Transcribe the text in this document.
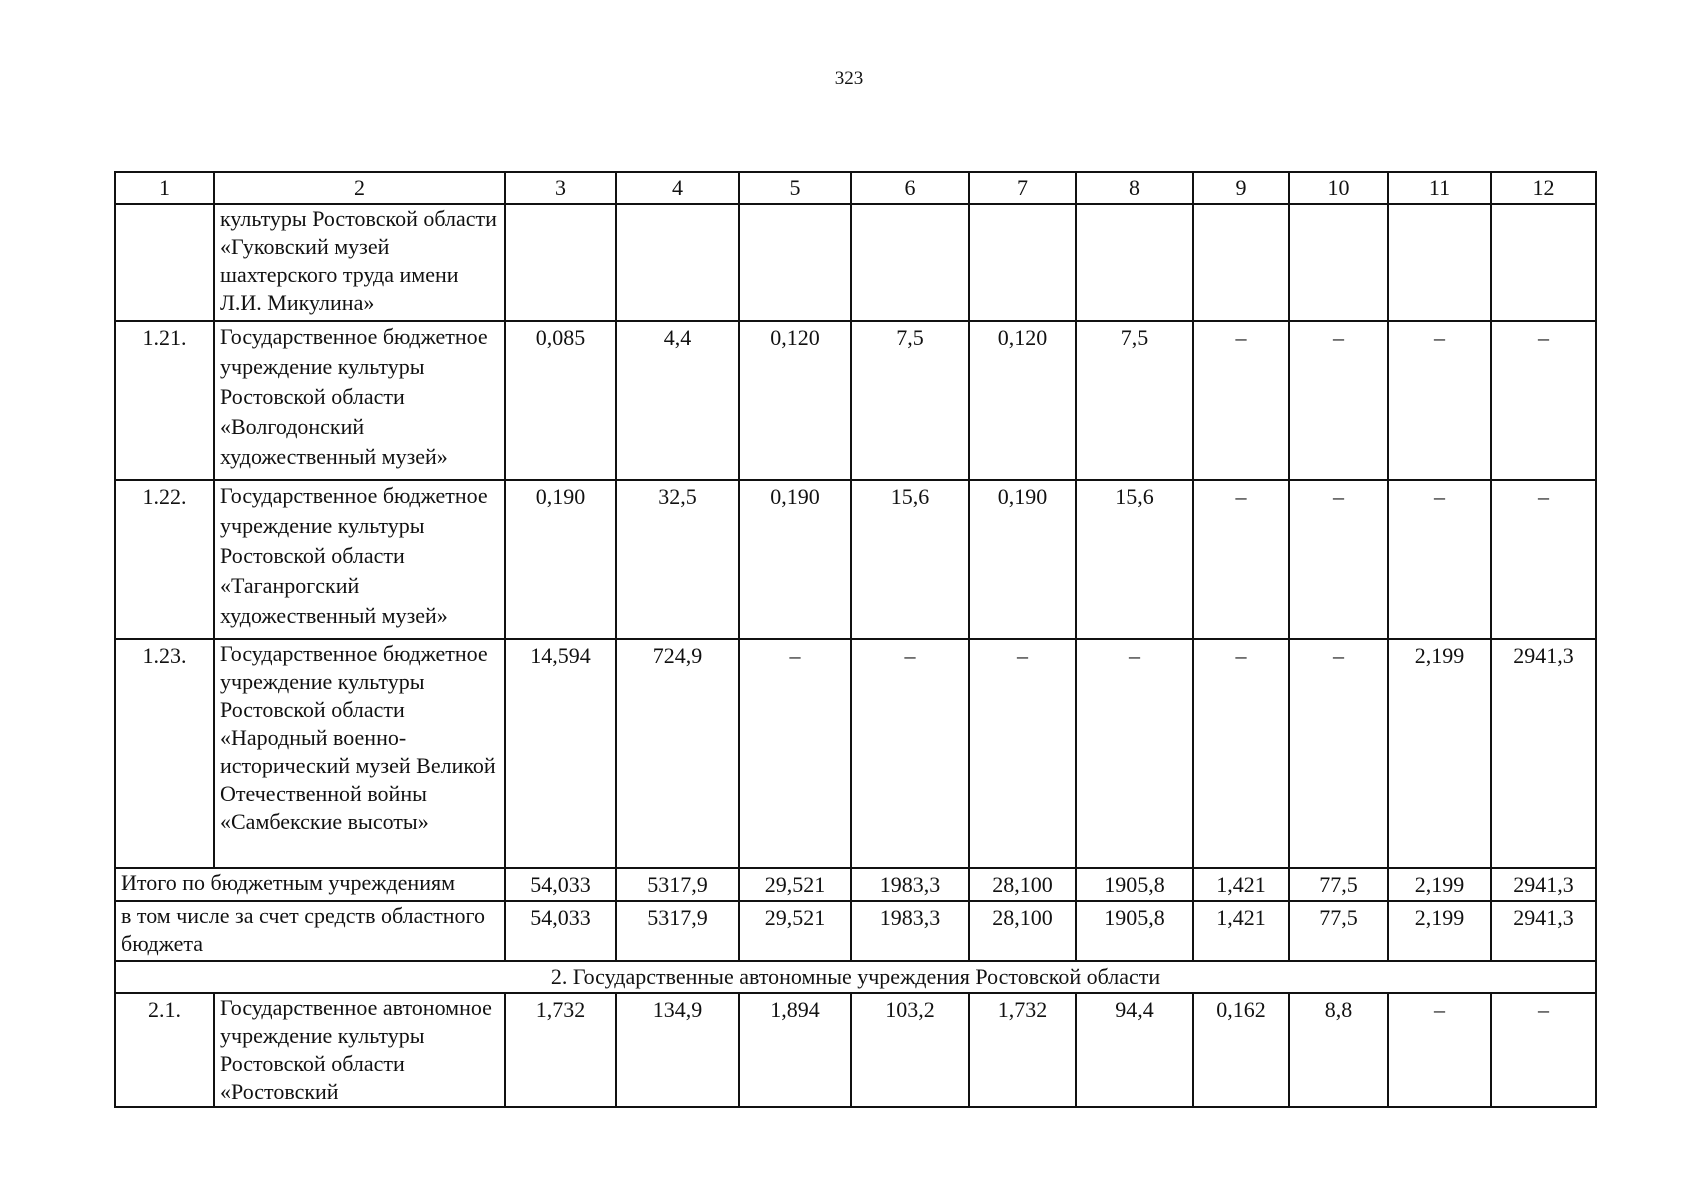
323
1	2	3	4	5	6	7	8	9	10	11	12
	культуры Ростовской области «Гуковский музей шахтерского труда имени Л.И. Микулина»										
1.21.	Государственное бюджетное учреждение культуры Ростовской области «Волгодонский художественный музей»	0,085	4,4	0,120	7,5	0,120	7,5	–	–	–	–
1.22.	Государственное бюджетное учреждение культуры Ростовской области «Таганрогский художественный музей»	0,190	32,5	0,190	15,6	0,190	15,6	–	–	–	–
1.23.	Государственное бюджетное учреждение культуры Ростовской области «Народный военно-исторический музей Великой Отечественной войны «Самбекские высоты»	14,594	724,9	–	–	–	–	–	–	2,199	2941,3
Итого по бюджетным учреждениям		54,033	5317,9	29,521	1983,3	28,100	1905,8	1,421	77,5	2,199	2941,3
в том числе за счет средств областного бюджета		54,033	5317,9	29,521	1983,3	28,100	1905,8	1,421	77,5	2,199	2941,3
2. Государственные автономные учреждения Ростовской области											
2.1.	Государственное автономное учреждение культуры Ростовской области «Ростовский	1,732	134,9	1,894	103,2	1,732	94,4	0,162	8,8	–	–
